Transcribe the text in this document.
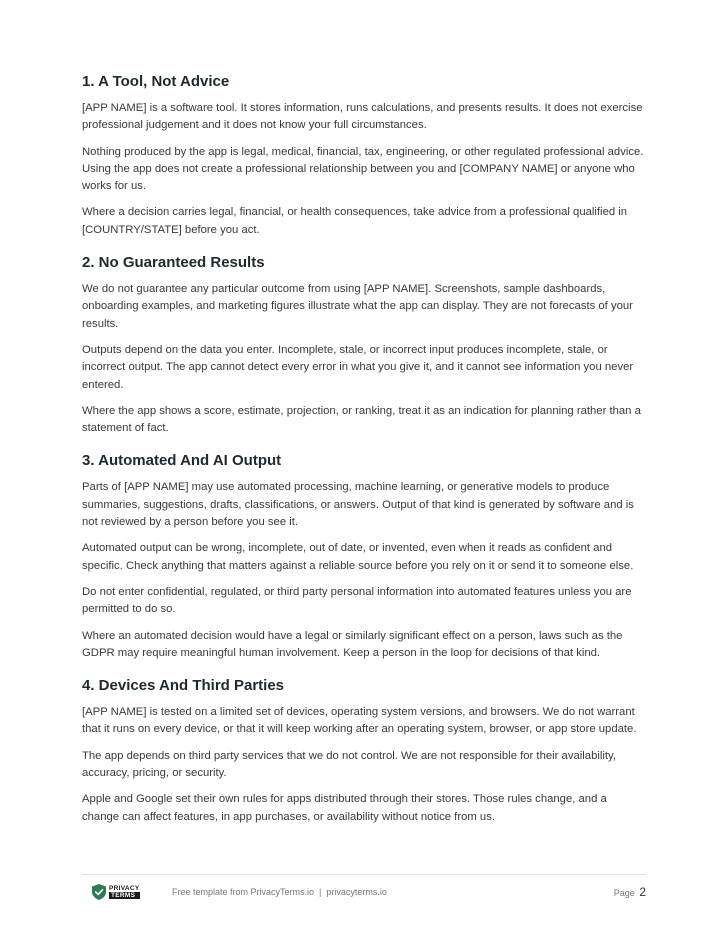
1. A Tool, Not Advice

[APP NAME] is a software tool. It stores information, runs calculations, and presents results. It does not exercise professional judgement and it does not know your full circumstances.

Nothing produced by the app is legal, medical, financial, tax, engineering, or other regulated professional advice. Using the app does not create a professional relationship between you and [COMPANY NAME] or anyone who works for us.

Where a decision carries legal, financial, or health consequences, take advice from a professional qualified in [COUNTRY/STATE] before you act.

2. No Guaranteed Results

We do not guarantee any particular outcome from using [APP NAME]. Screenshots, sample dashboards, onboarding examples, and marketing figures illustrate what the app can display. They are not forecasts of your results.

Outputs depend on the data you enter. Incomplete, stale, or incorrect input produces incomplete, stale, or incorrect output. The app cannot detect every error in what you give it, and it cannot see information you never entered.

Where the app shows a score, estimate, projection, or ranking, treat it as an indication for planning rather than a statement of fact.

3. Automated And AI Output

Parts of [APP NAME] may use automated processing, machine learning, or generative models to produce summaries, suggestions, drafts, classifications, or answers. Output of that kind is generated by software and is not reviewed by a person before you see it.

Automated output can be wrong, incomplete, out of date, or invented, even when it reads as confident and specific. Check anything that matters against a reliable source before you rely on it or send it to someone else.

Do not enter confidential, regulated, or third party personal information into automated features unless you are permitted to do so.

Where an automated decision would have a legal or similarly significant effect on a person, laws such as the GDPR may require meaningful human involvement. Keep a person in the loop for decisions of that kind.

4. Devices And Third Parties

[APP NAME] is tested on a limited set of devices, operating system versions, and browsers. We do not warrant that it runs on every device, or that it will keep working after an operating system, browser, or app store update.

The app depends on third party services that we do not control. We are not responsible for their availability, accuracy, pricing, or security.

Apple and Google set their own rules for apps distributed through their stores. Those rules change, and a change can affect features, in app purchases, or availability without notice from us.

PRIVACY
TERMS	Free template from PrivacyTerms.io | privacyterms.io	Page 2
